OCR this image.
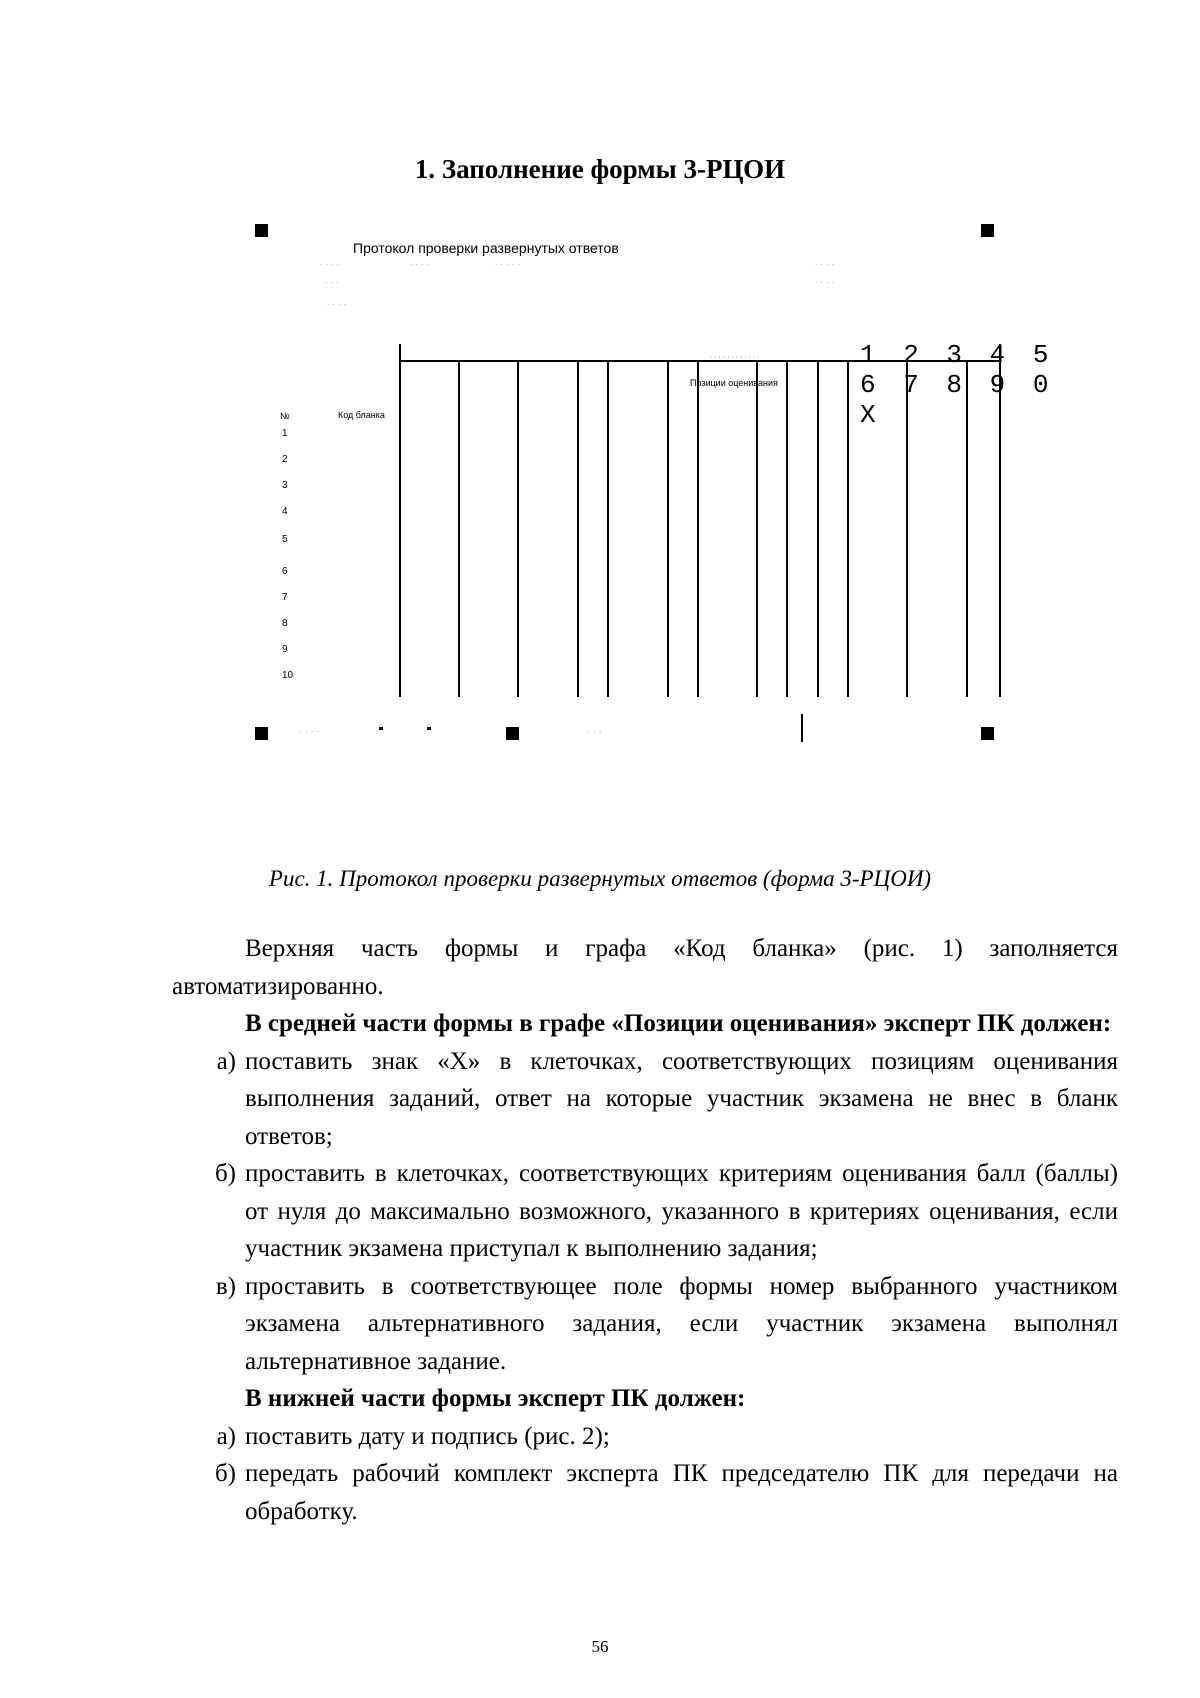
1. Заполнение формы 3-РЦОИ
Протокол проверки развернутых ответов
· · · ·	· · · ·	· · · · ·	· · · ·
· · ·	· · · ·
· · · ·
· · · · · · · · · · · ·	1 2 3 4 5 6 7 8 9 0 X
Позиции оценивания
№	Код бланка
1
2
3
4
5
6
7
8
9
10
· · · ·	· · ·
Рис. 1. Протокол проверки развернутых ответов (форма 3-РЦОИ)

Верхняя часть формы и графа «Код бланка» (рис. 1) заполняется автоматизированно.

В средней части формы в графе «Позиции оценивания» эксперт ПК должен:

а) поставить знак «X» в клеточках, соответствующих позициям оценивания выполнения заданий, ответ на которые участник экзамена не внес в бланк ответов;
б) проставить в клеточках, соответствующих критериям оценивания балл (баллы) от нуля до максимально возможного, указанного в критериях оценивания, если участник экзамена приступал к выполнению задания;
в) проставить в соответствующее поле формы номер выбранного участником экзамена альтернативного задания, если участник экзамена выполнял альтернативное задание.

В нижней части формы эксперт ПК должен:

а) поставить дату и подпись (рис. 2);
б) передать рабочий комплект эксперта ПК председателю ПК для передачи на обработку.
56
